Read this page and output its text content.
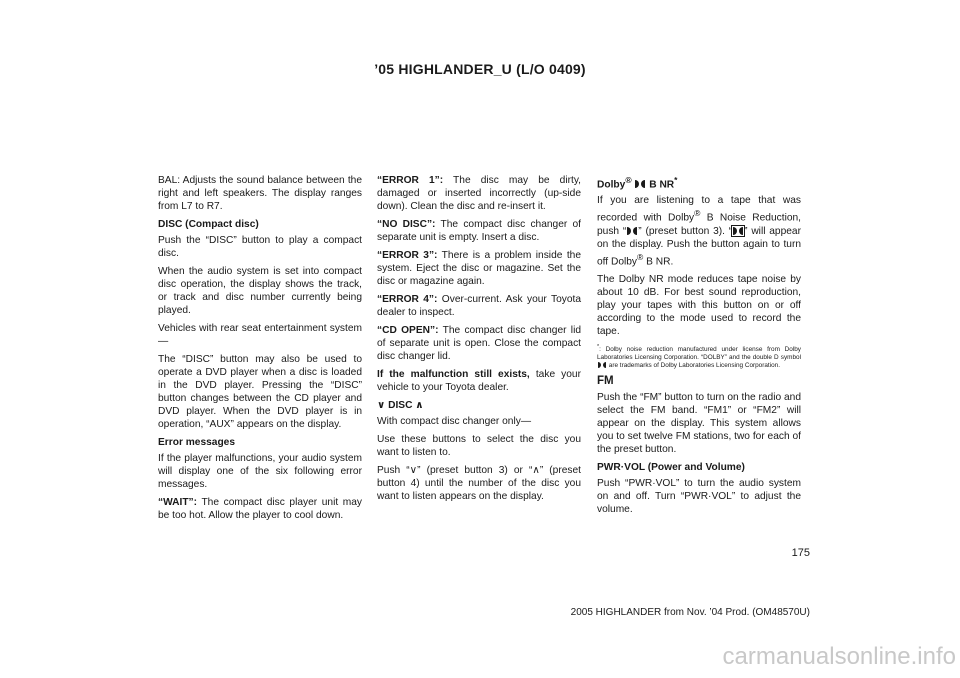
’05 HIGHLANDER_U (L/O 0409)

BAL: Adjusts the sound balance between the right and left speakers. The display ranges from L7 to R7.

DISC (Compact disc)

Push the “DISC” button to play a compact disc.

When the audio system is set into compact disc operation, the display shows the track, or track and disc number currently being played.

Vehicles with rear seat entertainment system—

The “DISC” button may also be used to operate a DVD player when a disc is loaded in the DVD player. Pressing the “DISC” button changes between the CD player and DVD player. When the DVD player is in operation, “AUX” appears on the display.

Error messages

If the player malfunctions, your audio system will display one of the six following error messages.

“WAIT”: The compact disc player unit may be too hot. Allow the player to cool down.

“ERROR 1”: The disc may be dirty, damaged or inserted incorrectly (up-side down). Clean the disc and re-insert it.

“NO DISC”: The compact disc changer of separate unit is empty. Insert a disc.

“ERROR 3”: There is a problem inside the system. Eject the disc or magazine. Set the disc or magazine again.

“ERROR 4”: Over-current. Ask your Toyota dealer to inspect.

“CD OPEN”: The compact disc changer lid of separate unit is open. Close the compact disc changer lid.

If the malfunction still exists, take your vehicle to your Toyota dealer.

∨ DISC ∧

With compact disc changer only—

Use these buttons to select the disc you want to listen to.

Push “∨” (preset button 3) or “∧” (preset button 4) until the number of the disc you want to listen appears on the display.

Dolby®  B NR*

If you are listening to a tape that was recorded with Dolby® B Noise Reduction, push “ ” (preset button 3). “ ” will appear on the display. Push the button again to turn off Dolby® B NR.

The Dolby NR mode reduces tape noise by about 10 dB. For best sound reproduction, play your tapes with this button on or off according to the mode used to record the tape.

*: Dolby noise reduction manufactured under license from Dolby Laboratories Licensing Corporation. “DOLBY” and the double D symbol  are trademarks of Dolby Laboratories Licensing Corporation.

FM

Push the “FM” button to turn on the radio and select the FM band. “FM1” or “FM2” will appear on the display. This system allows you to set twelve FM stations, two for each of the preset button.

PWR·VOL (Power and Volume)

Push “PWR·VOL” to turn the audio system on and off. Turn “PWR·VOL” to adjust the volume.

175
2005 HIGHLANDER from Nov. ’04 Prod. (OM48570U)
carmanualsonline.info
